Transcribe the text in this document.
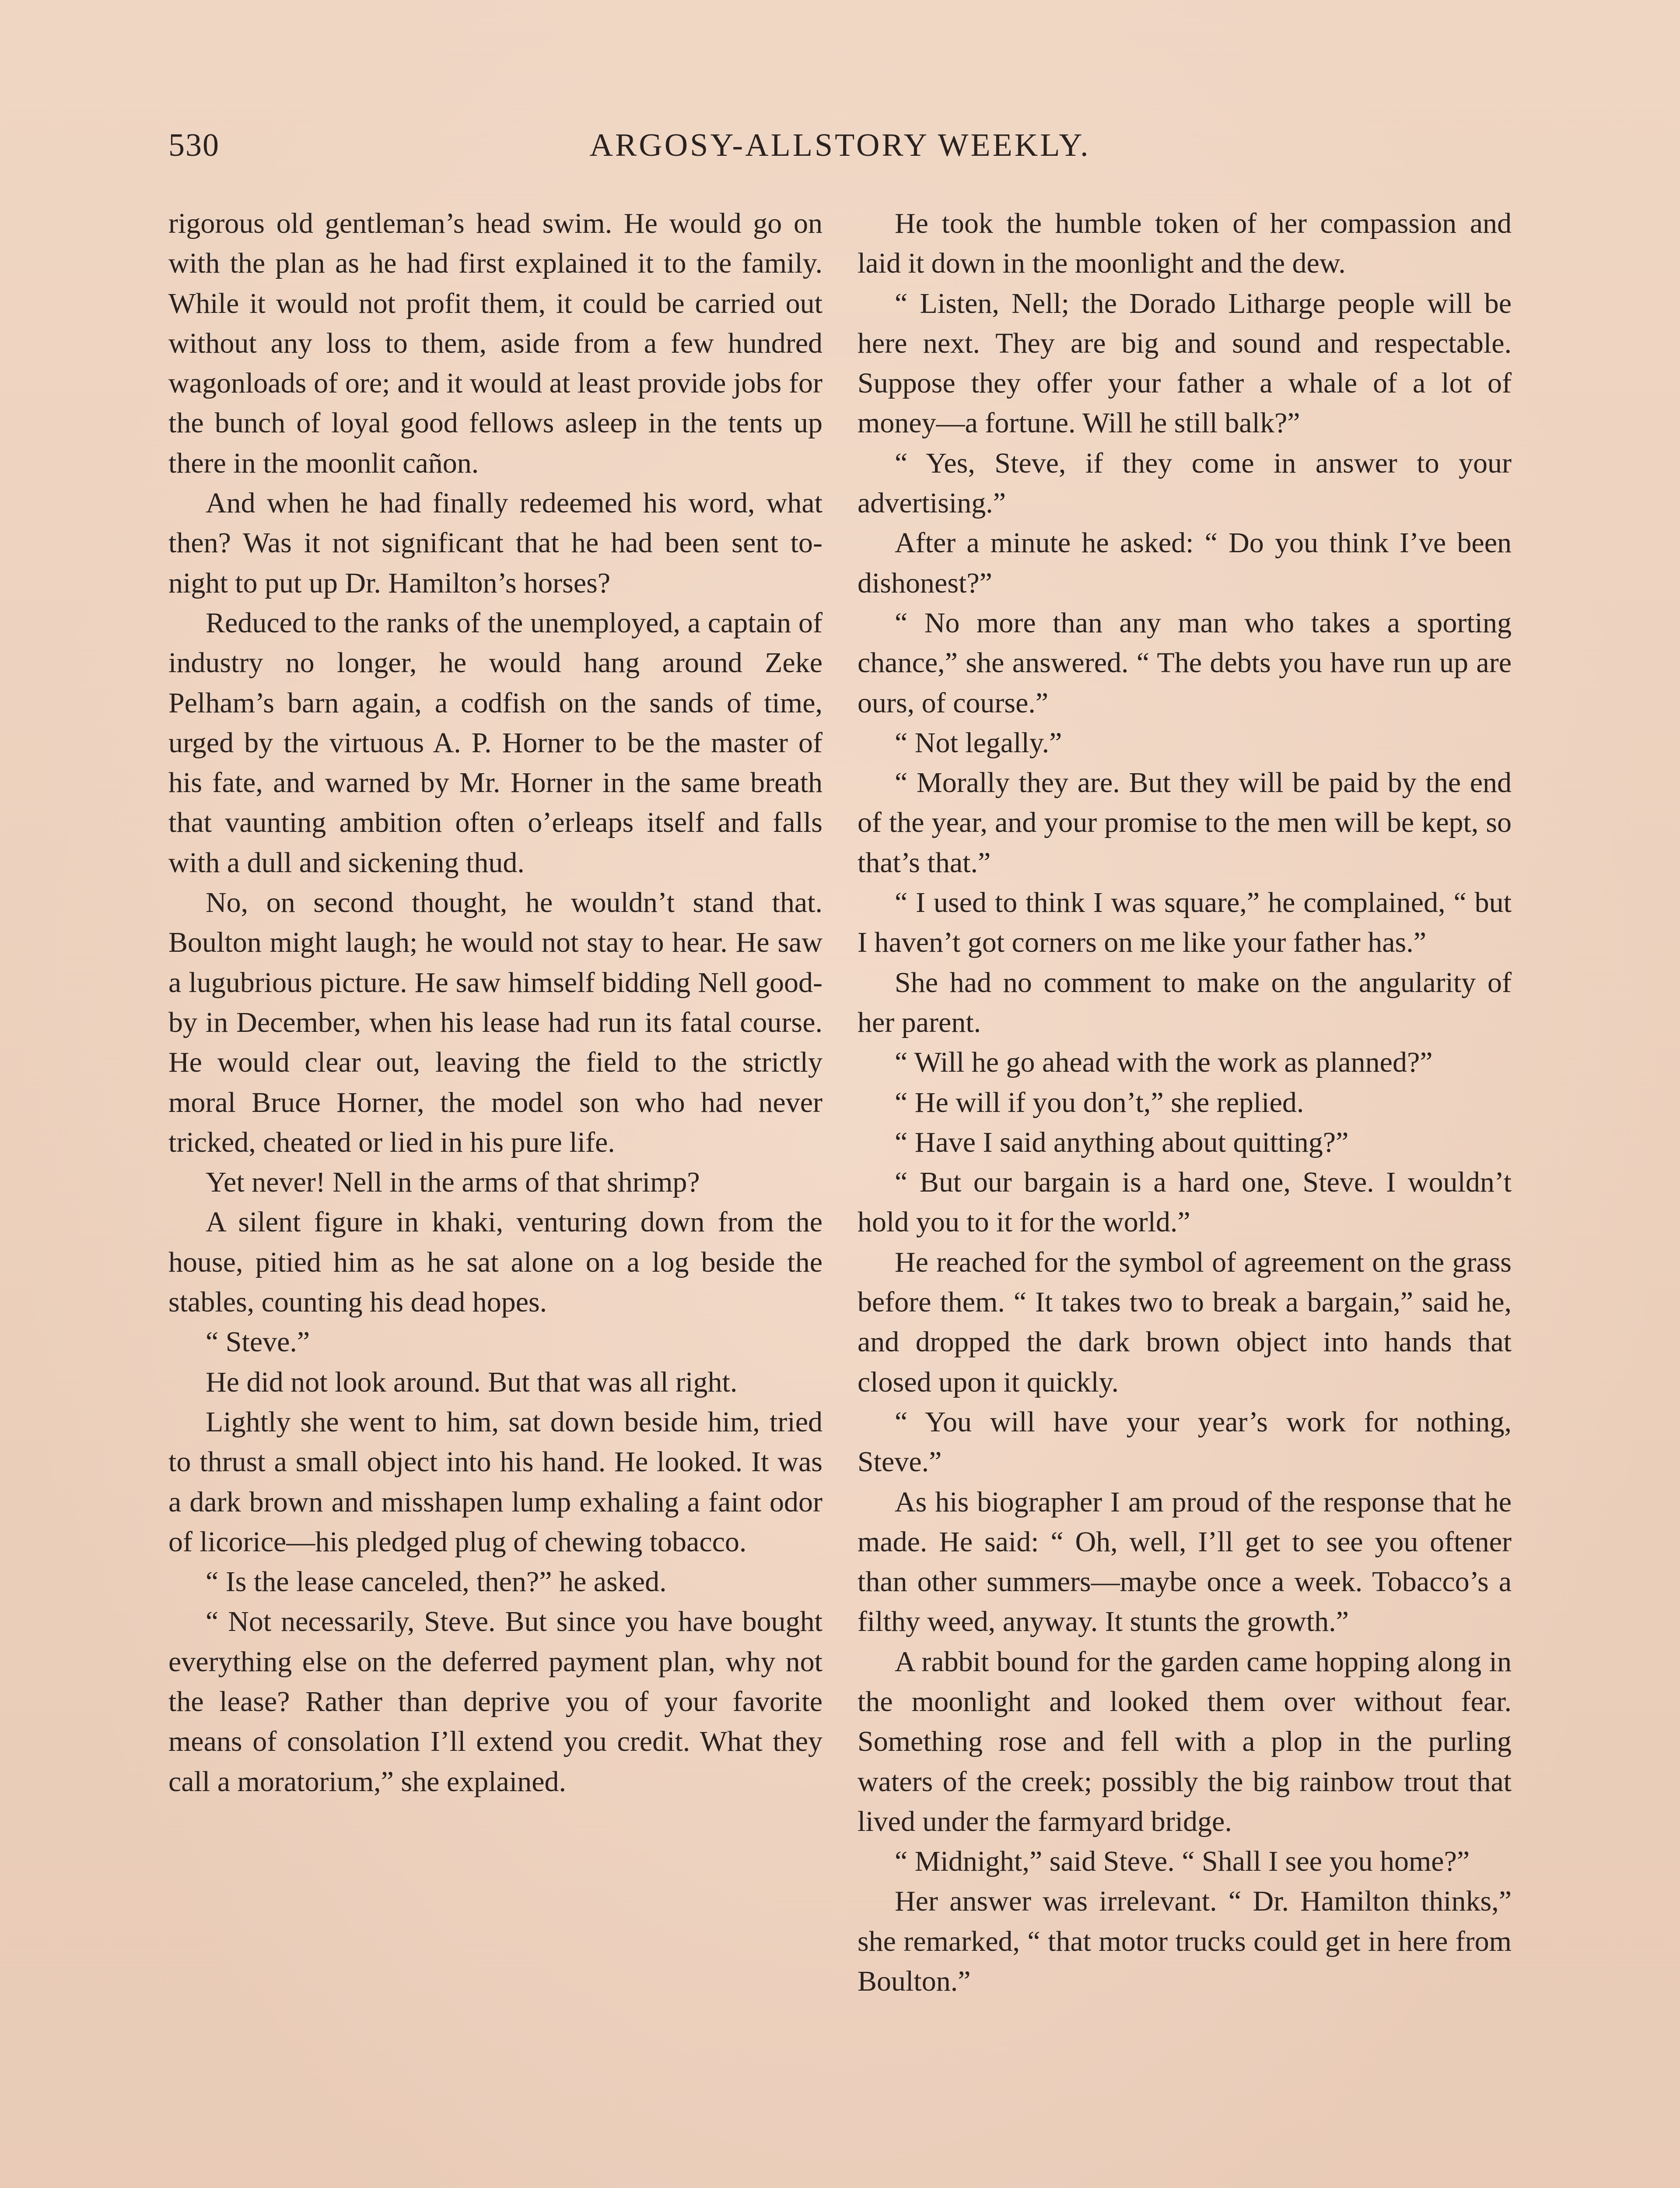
530	ARGOSY-ALLSTORY WEEKLY.

rigorous old gentleman’s head swim. He would go on with the plan as he had first explained it to the family. While it would not profit them, it could be carried out without any loss to them, aside from a few hundred wagonloads of ore; and it would at least provide jobs for the bunch of loyal good fellows asleep in the tents up there in the moonlit cañon.

And when he had finally redeemed his word, what then? Was it not significant that he had been sent to-night to put up Dr. Hamilton’s horses?

Reduced to the ranks of the unemployed, a captain of industry no longer, he would hang around Zeke Pelham’s barn again, a codfish on the sands of time, urged by the virtuous A. P. Horner to be the master of his fate, and warned by Mr. Horner in the same breath that vaunting ambition often o’erleaps itself and falls with a dull and sickening thud.

No, on second thought, he wouldn’t stand that. Boulton might laugh; he would not stay to hear. He saw a lugubrious picture. He saw himself bidding Nell good-by in December, when his lease had run its fatal course. He would clear out, leaving the field to the strictly moral Bruce Horner, the model son who had never tricked, cheated or lied in his pure life.

Yet never! Nell in the arms of that shrimp?

A silent figure in khaki, venturing down from the house, pitied him as he sat alone on a log beside the stables, counting his dead hopes.

“ Steve.”

He did not look around. But that was all right.

Lightly she went to him, sat down beside him, tried to thrust a small object into his hand. He looked. It was a dark brown and misshapen lump exhaling a faint odor of licorice—his pledged plug of chewing tobacco.

“ Is the lease canceled, then?” he asked.

“ Not necessarily, Steve. But since you have bought everything else on the deferred payment plan, why not the lease? Rather than deprive you of your favorite means of consolation I’ll extend you credit. What they call a moratorium,” she explained.

He took the humble token of her compassion and laid it down in the moonlight and the dew.

“ Listen, Nell; the Dorado Litharge people will be here next. They are big and sound and respectable. Suppose they offer your father a whale of a lot of money—a fortune. Will he still balk?”

“ Yes, Steve, if they come in answer to your advertising.”

After a minute he asked: “ Do you think I’ve been dishonest?”

“ No more than any man who takes a sporting chance,” she answered. “ The debts you have run up are ours, of course.”

“ Not legally.”

“ Morally they are. But they will be paid by the end of the year, and your promise to the men will be kept, so that’s that.”

“ I used to think I was square,” he complained, “ but I haven’t got corners on me like your father has.”

She had no comment to make on the angularity of her parent.

“ Will he go ahead with the work as planned?”

“ He will if you don’t,” she replied.

“ Have I said anything about quitting?”

“ But our bargain is a hard one, Steve. I wouldn’t hold you to it for the world.”

He reached for the symbol of agreement on the grass before them. “ It takes two to break a bargain,” said he, and dropped the dark brown object into hands that closed upon it quickly.

“ You will have your year’s work for nothing, Steve.”

As his biographer I am proud of the response that he made. He said: “ Oh, well, I’ll get to see you oftener than other summers—maybe once a week. Tobacco’s a filthy weed, anyway. It stunts the growth.”

A rabbit bound for the garden came hopping along in the moonlight and looked them over without fear. Something rose and fell with a plop in the purling waters of the creek; possibly the big rainbow trout that lived under the farmyard bridge.

“ Midnight,” said Steve. “ Shall I see you home?”

Her answer was irrelevant. “ Dr. Hamilton thinks,” she remarked, “ that motor trucks could get in here from Boulton.”
